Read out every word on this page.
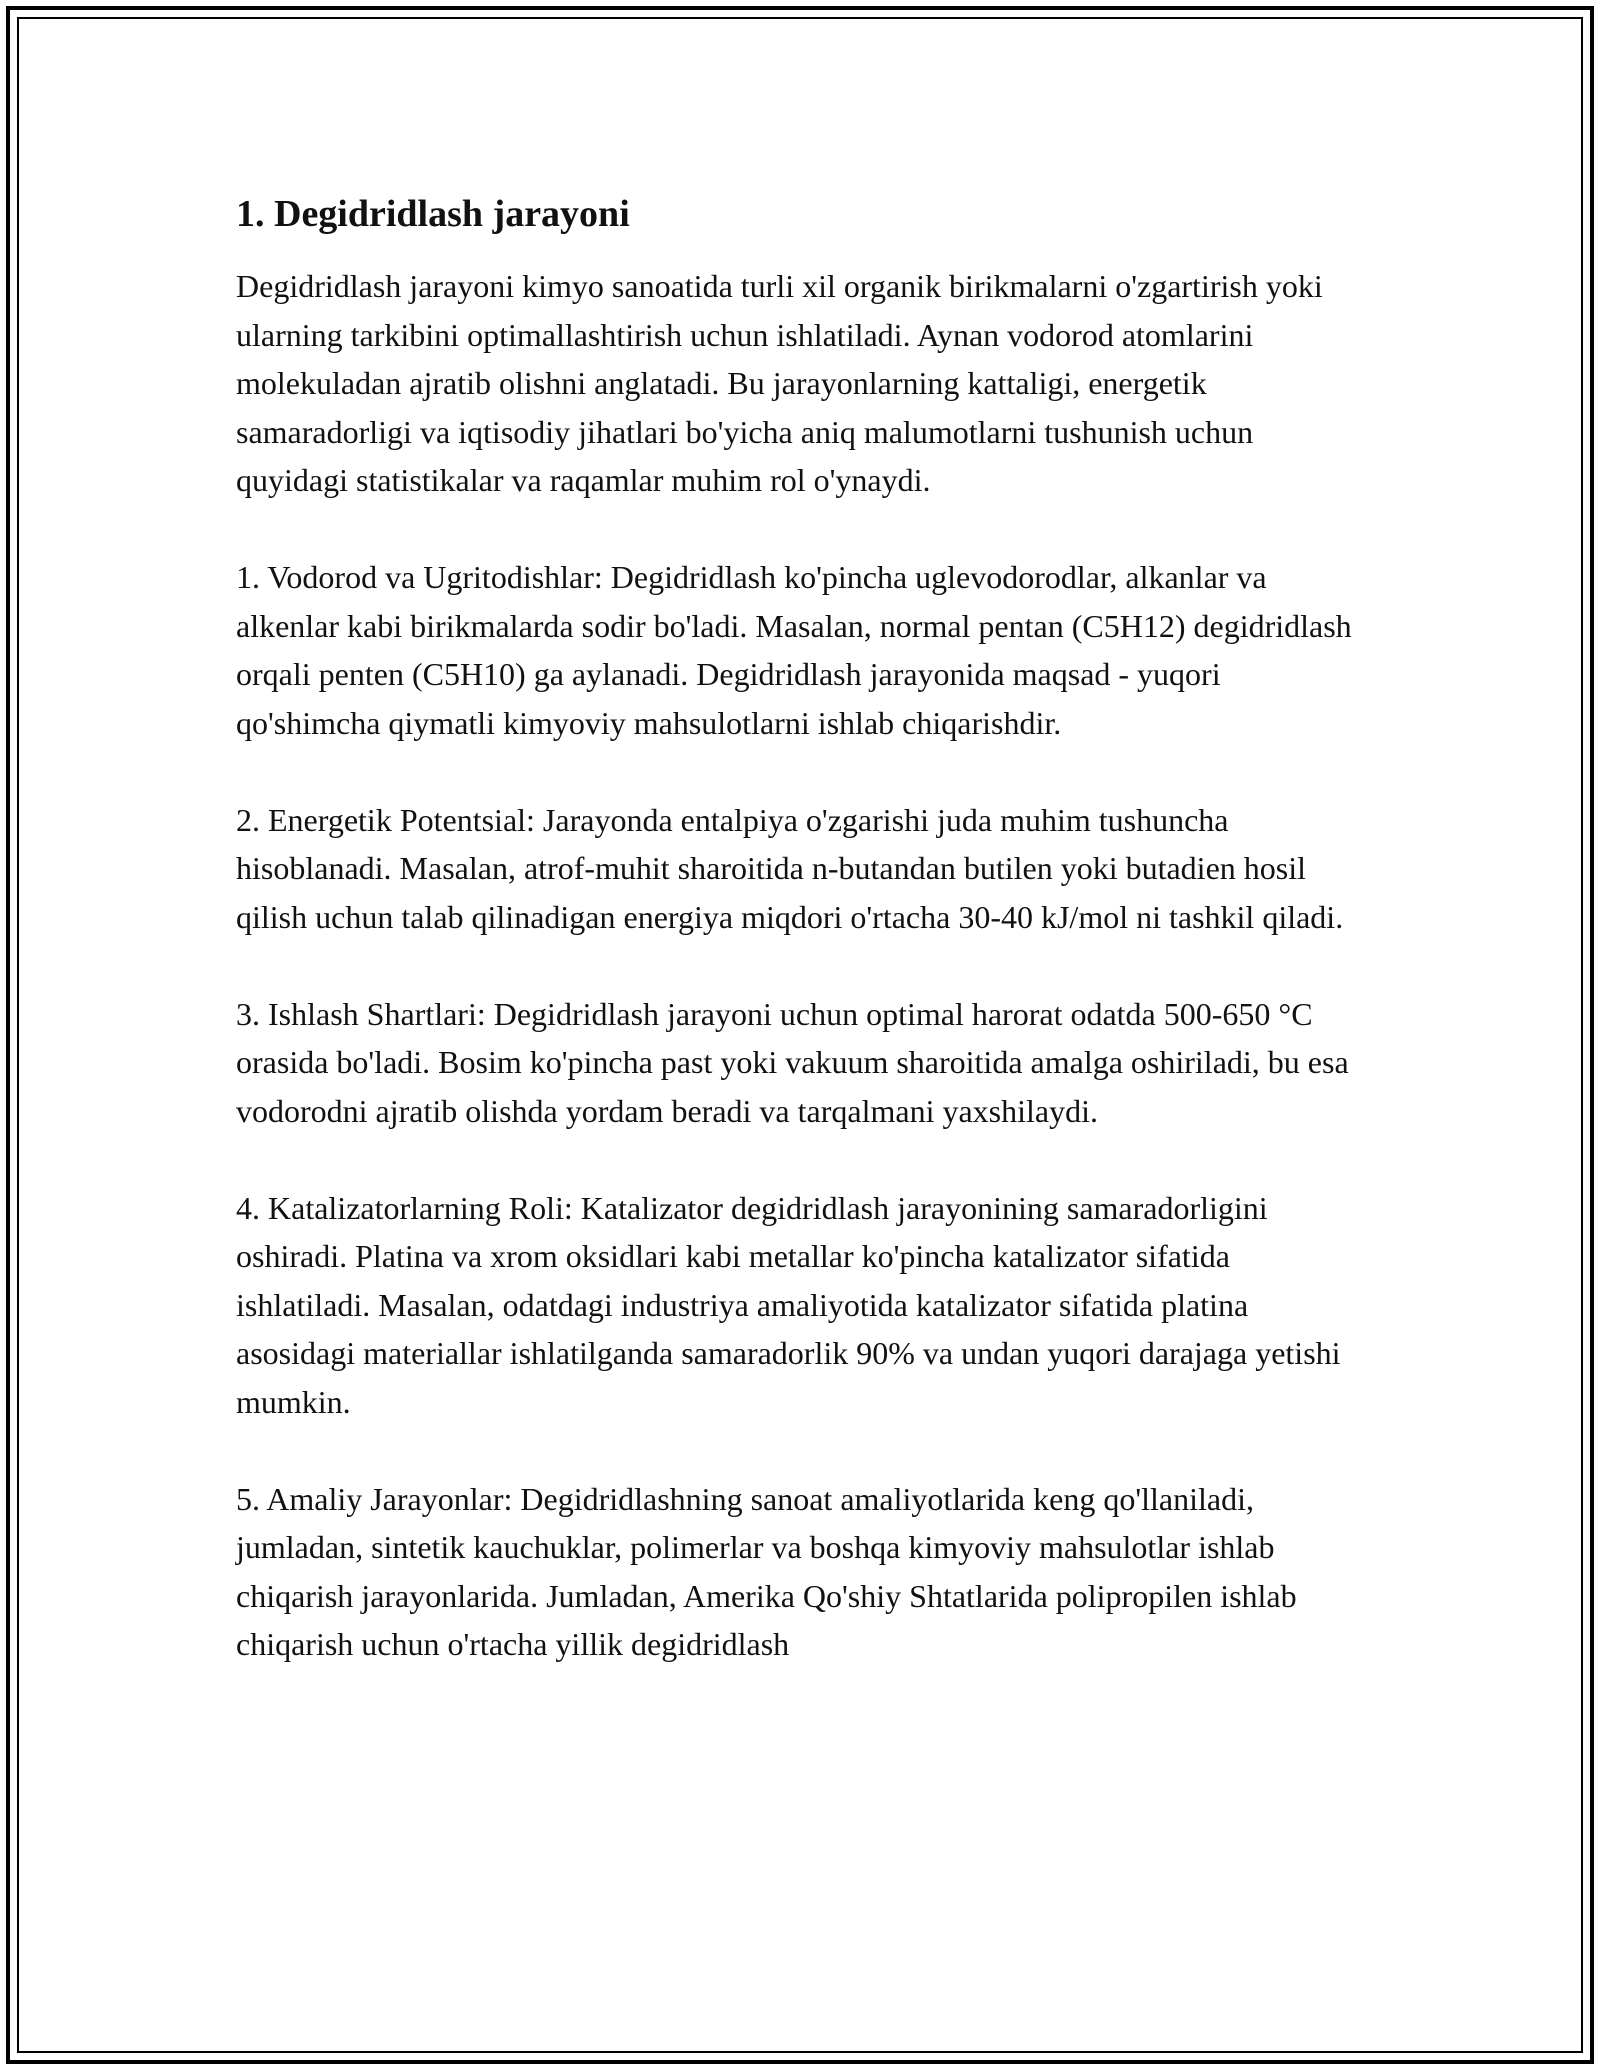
1. Degidridlash jarayoni

Degidridlash jarayoni kimyo sanoatida turli xil organik birikmalarni o'zgartirish yoki ularning tarkibini optimallashtirish uchun ishlatiladi. Aynan vodorod atomlarini molekuladan ajratib olishni anglatadi. Bu jarayonlarning kattaligi, energetik samaradorligi va iqtisodiy jihatlari bo'yicha aniq malumotlarni tushunish uchun quyidagi statistikalar va raqamlar muhim rol o'ynaydi.

1. Vodorod va Ugritodishlar: Degidridlash ko'pincha uglevodorodlar, alkanlar va alkenlar kabi birikmalarda sodir bo'ladi. Masalan, normal pentan (C5H12) degidridlash orqali penten (C5H10) ga aylanadi. Degidridlash jarayonida maqsad - yuqori qo'shimcha qiymatli kimyoviy mahsulotlarni ishlab chiqarishdir.

2. Energetik Potentsial: Jarayonda entalpiya o'zgarishi juda muhim tushuncha hisoblanadi. Masalan, atrof-muhit sharoitida n-butandan butilen yoki butadien hosil qilish uchun talab qilinadigan energiya miqdori o'rtacha 30-40 kJ/mol ni tashkil qiladi.

3. Ishlash Shartlari: Degidridlash jarayoni uchun optimal harorat odatda 500-650 °C orasida bo'ladi. Bosim ko'pincha past yoki vakuum sharoitida amalga oshiriladi, bu esa vodorodni ajratib olishda yordam beradi va tarqalmani yaxshilaydi.

4. Katalizatorlarning Roli: Katalizator degidridlash jarayonining samaradorligini oshiradi. Platina va xrom oksidlari kabi metallar ko'pincha katalizator sifatida ishlatiladi. Masalan, odatdagi industriya amaliyotida katalizator sifatida platina asosidagi materiallar ishlatilganda samaradorlik 90% va undan yuqori darajaga yetishi mumkin.

5. Amaliy Jarayonlar: Degidridlashning sanoat amaliyotlarida keng qo'llaniladi, jumladan, sintetik kauchuklar, polimerlar va boshqa kimyoviy mahsulotlar ishlab chiqarish jarayonlarida. Jumladan, Amerika Qo'shiy Shtatlarida polipropilen ishlab chiqarish uchun o'rtacha yillik degidridlash
